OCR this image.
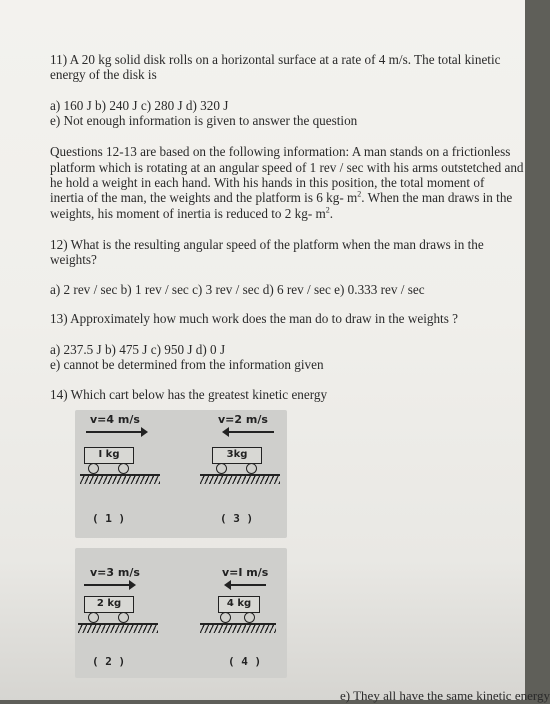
11) A 20 kg solid disk rolls on a horizontal surface at a rate of 4 m/s. The total kinetic
energy of the disk is
a) 160 J b) 240 J c) 280 J d) 320 J
e) Not enough information is given to answer the question
Questions 12-13 are based on the following information: A man stands on a frictionless
platform which is rotating at an angular speed of 1 rev / sec with his arms outstetched and
he hold a weight in each hand. With his hands in this position, the total moment of
inertia of the man, the weights and the platform is 6 kg- $m^2$. When the man draws in the
weights, his moment of inertia is reduced to 2 kg- $m^2$.
12) What is the resulting angular speed of the platform when the man draws in the
weights?
a) 2 rev / sec b) 1 rev / sec c) 3 rev / sec d) 6 rev / sec e) 0.333 rev / sec
13) Approximately how much work does the man do to draw in the weights ?
a) 237.5 J b) 475 J c) 950 J d) 0 J
e) cannot be determined from the information given
14) Which cart below has the greatest kinetic energy
v=4 m/s
I kg
( 1 )
v=2 m/s
3kg
( 3 )
v=3 m/s
2 kg
( 2 )
v=I m/s
4 kg
( 4 )
e) They all have the same kinetic energy
